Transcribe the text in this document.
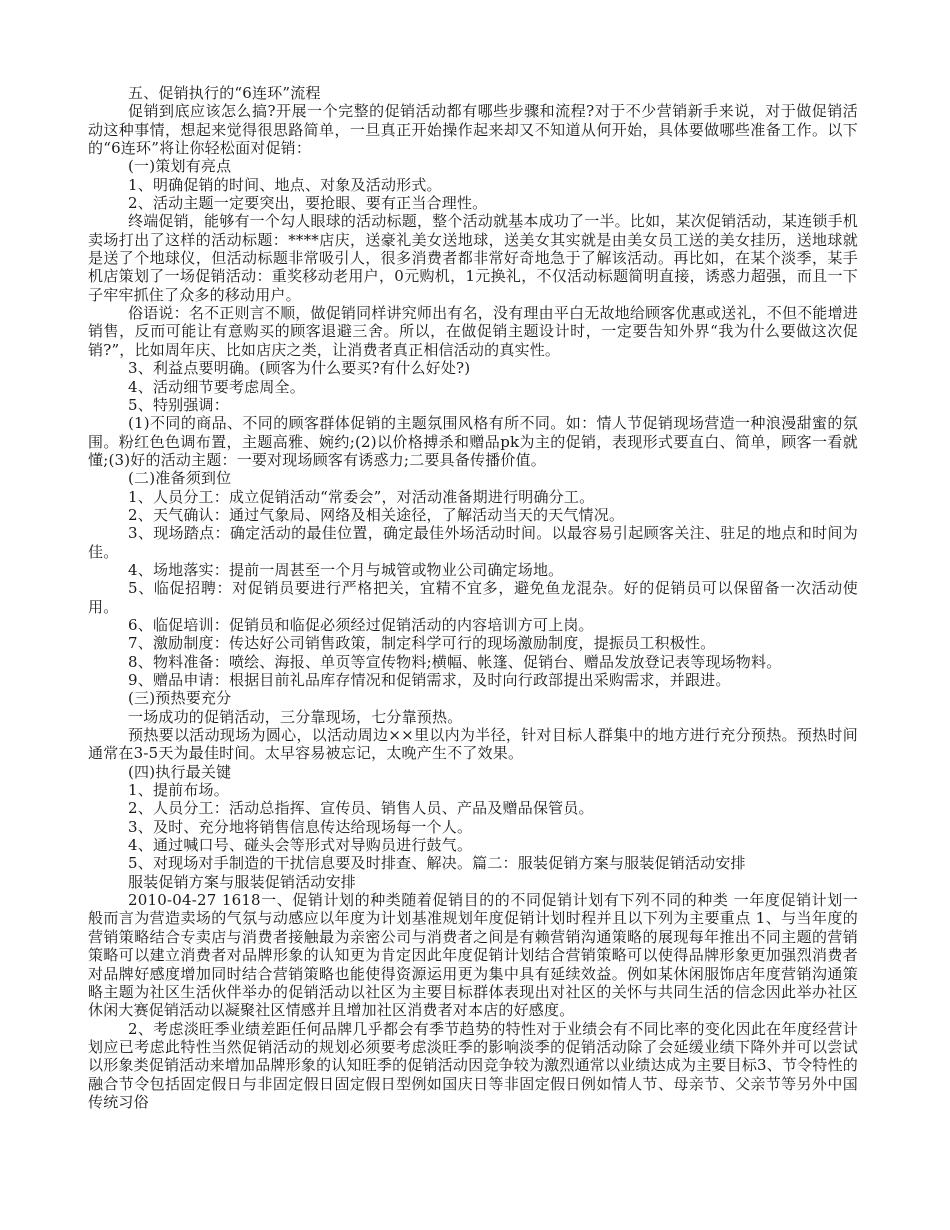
五、促销执行的“6连环”流程

促销到底应该怎么搞?开展一个完整的促销活动都有哪些步骤和流程?对于不少营销新手来说，对于做促销活动这种事情，想起来觉得很思路简单，一旦真正开始操作起来却又不知道从何开始，具体要做哪些准备工作。以下的“6连环”将让你轻松面对促销：

(一)策划有亮点

1、明确促销的时间、地点、对象及活动形式。

2、活动主题一定要突出，要抢眼、要有正当合理性。

终端促销，能够有一个勾人眼球的活动标题，整个活动就基本成功了一半。比如，某次促销活动，某连锁手机卖场打出了这样的活动标题：****店庆，送豪礼美女送地球，送美女其实就是由美女员工送的美女挂历，送地球就是送了个地球仪，但活动标题非常吸引人，很多消费者都非常好奇地急于了解该活动。再比如，在某个淡季，某手机店策划了一场促销活动：重奖移动老用户，0元购机，1元换礼，不仅活动标题简明直接，诱惑力超强，而且一下子牢牢抓住了众多的移动用户。

俗语说：名不正则言不顺，做促销同样讲究师出有名，没有理由平白无故地给顾客优惠或送礼，不但不能增进销售，反而可能让有意购买的顾客退避三舍。所以，在做促销主题设计时，一定要告知外界“我为什么要做这次促销?”，比如周年庆、比如店庆之类，让消费者真正相信活动的真实性。

3、利益点要明确。(顾客为什么要买?有什么好处?)

4、活动细节要考虑周全。

5、特别强调：

(1)不同的商品、不同的顾客群体促销的主题氛围风格有所不同。如：情人节促销现场营造一种浪漫甜蜜的氛围。粉红色色调布置，主题高雅、婉约;(2)以价格搏杀和赠品pk为主的促销，表现形式要直白、简单，顾客一看就懂;(3)好的活动主题：一要对现场顾客有诱惑力;二要具备传播价值。

(二)准备须到位

1、人员分工：成立促销活动“常委会”，对活动准备期进行明确分工。

2、天气确认：通过气象局、网络及相关途径，了解活动当天的天气情况。

3、现场踏点：确定活动的最佳位置，确定最佳外场活动时间。以最容易引起顾客关注、驻足的地点和时间为佳。

4、场地落实：提前一周甚至一个月与城管或物业公司确定场地。

5、临促招聘：对促销员要进行严格把关，宜精不宜多，避免鱼龙混杂。好的促销员可以保留备一次活动使用。

6、临促培训：促销员和临促必须经过促销活动的内容培训方可上岗。

7、激励制度：传达好公司销售政策，制定科学可行的现场激励制度，提振员工积极性。

8、物料准备：喷绘、海报、单页等宣传物料;横幅、帐篷、促销台、赠品发放登记表等现场物料。

9、赠品申请：根据目前礼品库存情况和促销需求，及时向行政部提出采购需求，并跟进。

(三)预热要充分

一场成功的促销活动，三分靠现场，七分靠预热。

预热要以活动现场为圆心，以活动周边××里以内为半径，针对目标人群集中的地方进行充分预热。预热时间通常在3-5天为最佳时间。太早容易被忘记，太晚产生不了效果。

(四)执行最关键

1、提前布场。

2、人员分工：活动总指挥、宣传员、销售人员、产品及赠品保管员。

3、及时、充分地将销售信息传达给现场每一个人。

4、通过喊口号、碰头会等形式对导购员进行鼓气。

5、对现场对手制造的干扰信息要及时排查、解决。篇二：服装促销方案与服装促销活动安排

服装促销方案与服装促销活动安排

2010-04-27 1618一、促销计划的种类随着促销目的的不同促销计划有下列不同的种类 一年度促销计划一般而言为营造卖场的气氛与动感应以年度为计划基准规划年度促销计划时程并且以下列为主要重点 1、与当年度的营销策略结合专卖店与消费者接触最为亲密公司与消费者之间是有赖营销沟通策略的展现每年推出不同主题的营销策略可以建立消费者对品牌形象的认知更为肯定因此年度促销计划结合营销策略可以使得品牌形象更加强烈消费者对品牌好感度增加同时结合营销策略也能使得资源运用更为集中具有延续效益。例如某休闲服饰店年度营销沟通策略主题为社区生活伙伴举办的促销活动以社区为主要目标群体表现出对社区的关怀与共同生活的信念因此举办社区休闲大赛促销活动以凝聚社区情感并且增加社区消费者对本店的好感度。

2、考虑淡旺季业绩差距任何品牌几乎都会有季节趋势的特性对于业绩会有不同比率的变化因此在年度经营计划应已考虑此特性当然促销活动的规划必须要考虑淡旺季的影响淡季的促销活动除了会延缓业绩下降外并可以尝试以形象类促销活动来增加品牌形象的认知旺季的促销活动因竞争较为激烈通常以业绩达成为主要目标3、节令特性的融合节令包括固定假日与非固定假日固定假日型例如国庆日等非固定假日例如情人节、母亲节、父亲节等另外中国传统习俗
